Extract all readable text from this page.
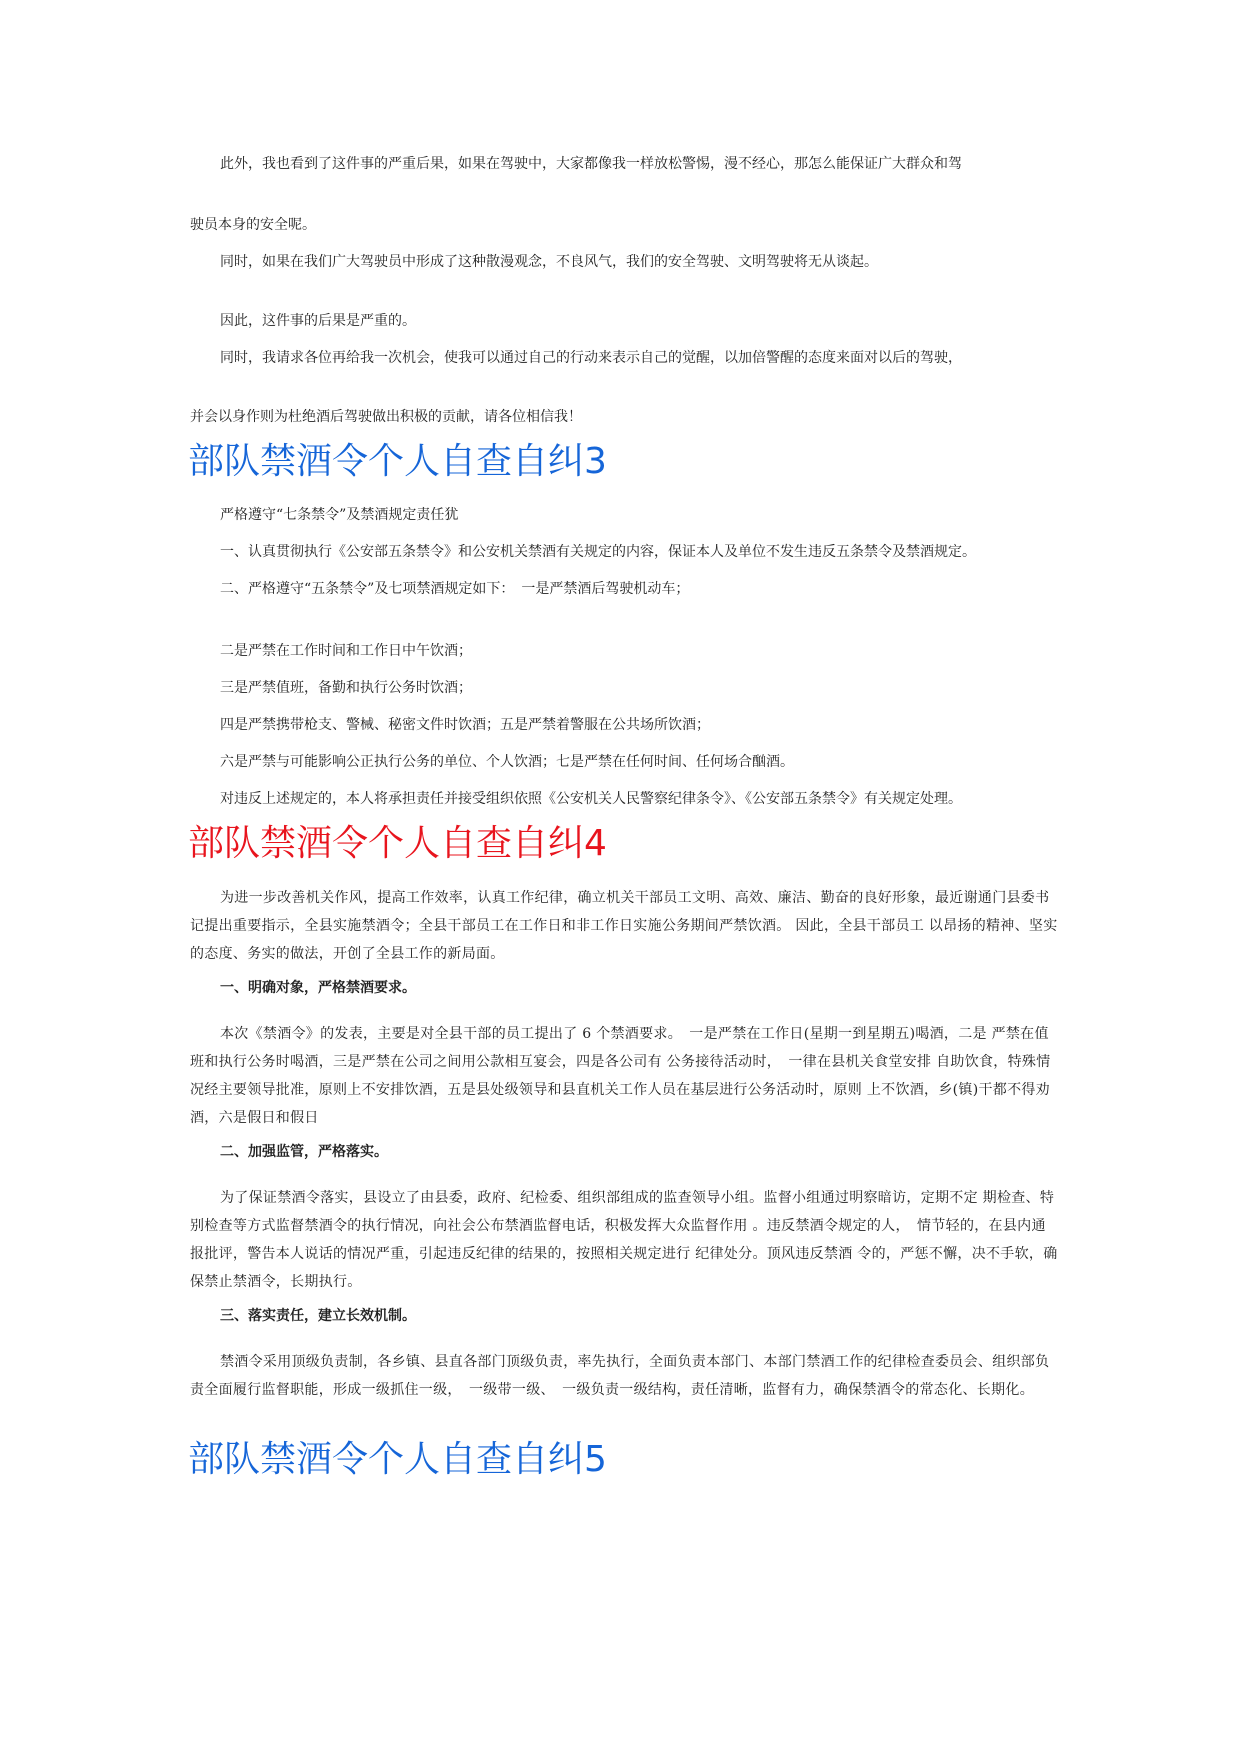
此外，我也看到了这件事的严重后果，如果在驾驶中，大家都像我一样放松警惕，漫不经心，那怎么能保证广大群众和驾
驶员本身的安全呢。
同时，如果在我们广大驾驶员中形成了这种散漫观念，不良风气，我们的安全驾驶、文明驾驶将无从谈起。
因此，这件事的后果是严重的。
同时，我请求各位再给我一次机会，使我可以通过自己的行动来表示自己的觉醒，以加倍警醒的态度来面对以后的驾驶，
并会以身作则为杜绝酒后驾驶做出积极的贡献，请各位相信我！
部队禁酒令个人自查自纠3
严格遵守“七条禁令”及禁酒规定责任犹
一、认真贯彻执行《公安部五条禁令》和公安机关禁酒有关规定的内容，保证本人及单位不发生违反五条禁令及禁酒规定。
二、严格遵守“五条禁令”及七项禁酒规定如下：　一是严禁酒后驾驶机动车；
二是严禁在工作时间和工作日中午饮酒；
三是严禁值班，备勤和执行公务时饮酒；
四是严禁携带枪支、警械、秘密文件时饮酒；五是严禁着警服在公共场所饮酒；
六是严禁与可能影响公正执行公务的单位、个人饮酒；七是严禁在任何时间、任何场合酗酒。
对违反上述规定的，本人将承担责任并接受组织依照《公安机关人民警察纪律条令》、《公安部五条禁令》有关规定处理。
部队禁酒令个人自查自纠4
为进一步改善机关作风，提高工作效率，认真工作纪律，确立机关干部员工文明、高效、廉洁、勤奋的良好形象，最近谢通门县委书记提出重要指示，全县实施禁酒令；全县干部员工在工作日和非工作日实施公务期间严禁饮酒。 因此，全县干部员工 以昂扬的精神、坚实的态度、务实的做法，开创了全县工作的新局面。
一、明确对象，严格禁酒要求。
本次《禁酒令》的发表，主要是对全县干部的员工提出了 6 个禁酒要求。　一是严禁在工作日(星期一到星期五)喝酒，二是 严禁在值班和执行公务时喝酒，三是严禁在公司之间用公款相互宴会，四是各公司有 公务接待活动时，　一律在县机关食堂安排 自助饮食，特殊情况经主要领导批准，原则上不安排饮酒，五是县处级领导和县直机关工作人员在基层进行公务活动时，原则 上不饮酒，乡(镇)干都不得劝酒，六是假日和假日
二、加强监管，严格落实。
为了保证禁酒令落实，县设立了由县委，政府、纪检委、组织部组成的监查领导小组。监督小组通过明察暗访，定期不定 期检查、特别检查等方式监督禁酒令的执行情况，向社会公布禁酒监督电话，积极发挥大众监督作用 。违反禁酒令规定的人，　情节轻的，在县内通报批评，警告本人说话的情况严重，引起违反纪律的结果的，按照相关规定进行 纪律处分。顶风违反禁酒 令的，严惩不懈，决不手软，确保禁止禁酒令，长期执行。
三、落实责任，建立长效机制。
禁酒令采用顶级负责制，各乡镇、县直各部门顶级负责，率先执行，全面负责本部门、本部门禁酒工作的纪律检查委员会、组织部负责全面履行监督职能，形成一级抓住一级，　一级带一级、　一级负责一级结构，责任清晰，监督有力，确保禁酒令的常态化、长期化。
部队禁酒令个人自查自纠5
